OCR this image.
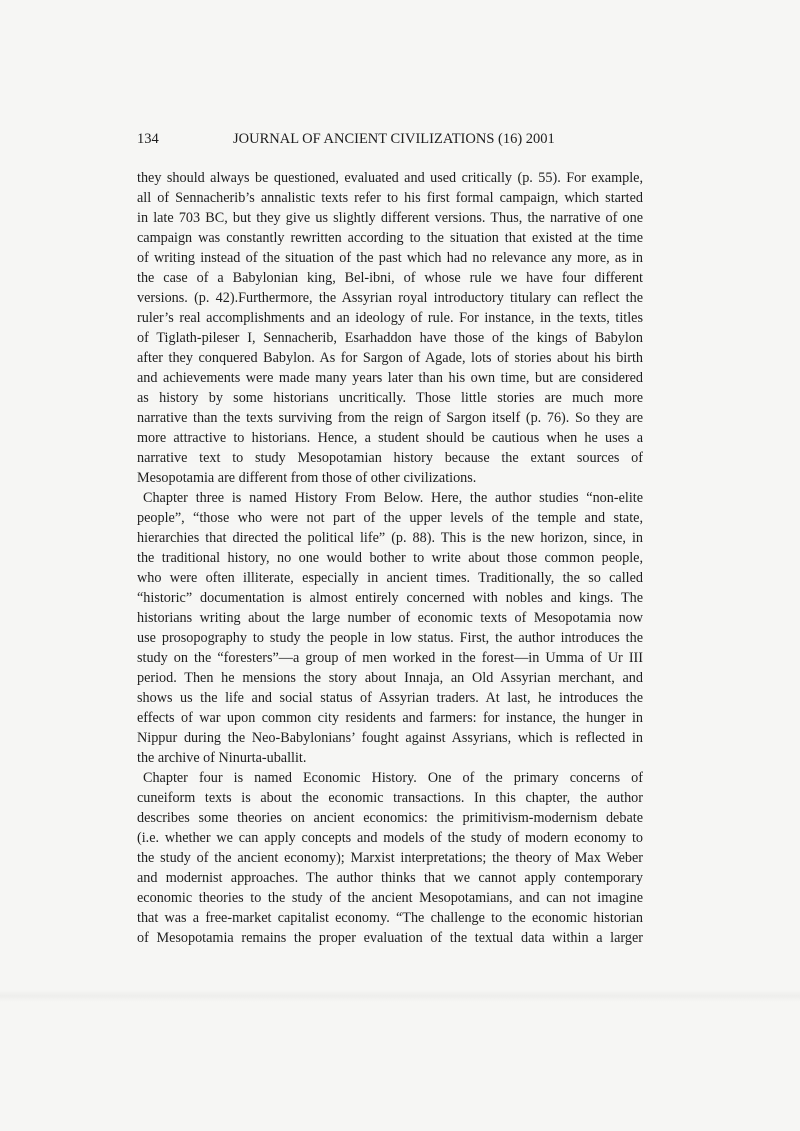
134	JOURNAL OF ANCIENT CIVILIZATIONS (16) 2001
they should always be questioned, evaluated and used critically (p. 55). For example,
all of Sennacherib’s annalistic texts refer to his first formal campaign, which started
in late 703 BC, but they give us slightly different versions. Thus, the narrative of one
campaign was constantly rewritten according to the situation that existed at the time
of writing instead of the situation of the past which had no relevance any more, as in
the case of a Babylonian king, Bel-ibni, of whose rule we have four different
versions. (p. 42).Furthermore, the Assyrian royal introductory titulary can reflect the
ruler’s real accomplishments and an ideology of rule. For instance, in the texts, titles
of Tiglath-pileser I, Sennacherib, Esarhaddon have those of the kings of Babylon
after they conquered Babylon. As for Sargon of Agade, lots of stories about his birth
and achievements were made many years later than his own time, but are considered
as history by some historians uncritically. Those little stories are much more
narrative than the texts surviving from the reign of Sargon itself (p. 76). So they are
more attractive to historians. Hence, a student should be cautious when he uses a
narrative text to study Mesopotamian history because the extant sources of
Mesopotamia are different from those of other civilizations.
Chapter three is named History From Below. Here, the author studies “non-elite
people”, “those who were not part of the upper levels of the temple and state,
hierarchies that directed the political life” (p. 88). This is the new horizon, since, in
the traditional history, no one would bother to write about those common people,
who were often illiterate, especially in ancient times. Traditionally, the so called
“historic” documentation is almost entirely concerned with nobles and kings. The
historians writing about the large number of economic texts of Mesopotamia now
use prosopography to study the people in low status. First, the author introduces the
study on the “foresters”—a group of men worked in the forest—in Umma of Ur III
period. Then he mensions the story about Innaja, an Old Assyrian merchant, and
shows us the life and social status of Assyrian traders. At last, he introduces the
effects of war upon common city residents and farmers: for instance, the hunger in
Nippur during the Neo-Babylonians’ fought against Assyrians, which is reflected in
the archive of Ninurta-uballit.
Chapter four is named Economic History. One of the primary concerns of
cuneiform texts is about the economic transactions. In this chapter, the author
describes some theories on ancient economics: the primitivism-modernism debate
(i.e. whether we can apply concepts and models of the study of modern economy to
the study of the ancient economy); Marxist interpretations; the theory of Max Weber
and modernist approaches. The author thinks that we cannot apply contemporary
economic theories to the study of the ancient Mesopotamians, and can not imagine
that was a free-market capitalist economy. “The challenge to the economic historian
of Mesopotamia remains the proper evaluation of the textual data within a larger
